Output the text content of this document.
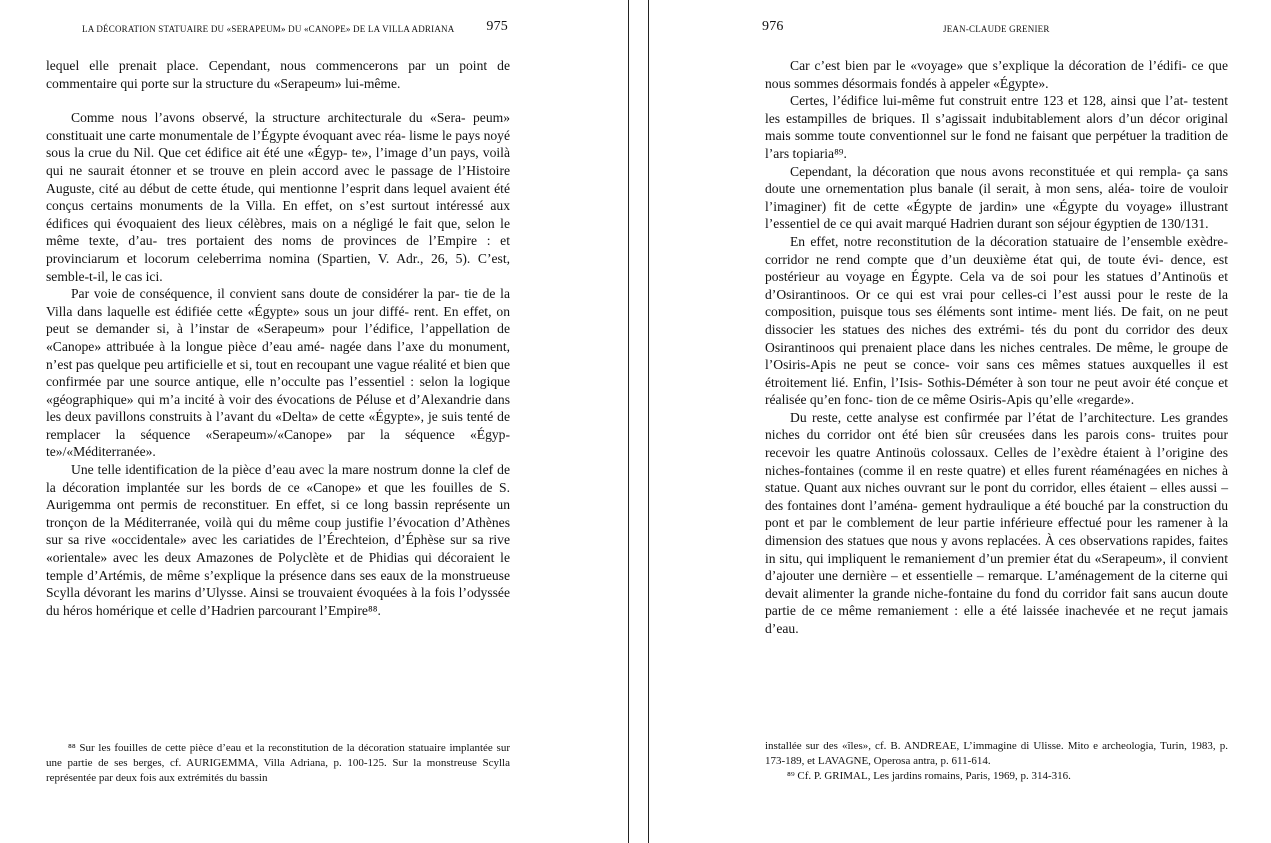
LA DÉCORATION STATUAIRE DU «SERAPEUM» DU «CANOPE» DE LA VILLA ADRIANA 975

lequel elle prenait place. Cependant, nous commencerons par un point de commentaire qui porte sur la structure du «Serapeum» lui-même.

Comme nous l’avons observé, la structure architecturale du «Sera- peum» constituait une carte monumentale de l’Égypte évoquant avec réa- lisme le pays noyé sous la crue du Nil. Que cet édifice ait été une «Égyp- te», l’image d’un pays, voilà qui ne saurait étonner et se trouve en plein accord avec le passage de l’Histoire Auguste, cité au début de cette étude, qui mentionne l’esprit dans lequel avaient été conçus certains monuments de la Villa. En effet, on s’est surtout intéressé aux édifices qui évoquaient des lieux célèbres, mais on a négligé le fait que, selon le même texte, d’au- tres portaient des noms de provinces de l’Empire : et provinciarum et locorum celeberrima nomina (Spartien, V. Adr., 26, 5). C’est, semble-t-il, le cas ici.

Par voie de conséquence, il convient sans doute de considérer la par- tie de la Villa dans laquelle est édifiée cette «Égypte» sous un jour diffé- rent. En effet, on peut se demander si, à l’instar de «Serapeum» pour l’édifice, l’appellation de «Canope» attribuée à la longue pièce d’eau amé- nagée dans l’axe du monument, n’est pas quelque peu artificielle et si, tout en recoupant une vague réalité et bien que confirmée par une source antique, elle n’occulte pas l’essentiel : selon la logique «géographique» qui m’a incité à voir des évocations de Péluse et d’Alexandrie dans les deux pavillons construits à l’avant du «Delta» de cette «Égypte», je suis tenté de remplacer la séquence «Serapeum»/«Canope» par la séquence «Égyp- te»/«Méditerranée».

Une telle identification de la pièce d’eau avec la mare nostrum donne la clef de la décoration implantée sur les bords de ce «Canope» et que les fouilles de S. Aurigemma ont permis de reconstituer. En effet, si ce long bassin représente un tronçon de la Méditerranée, voilà qui du même coup justifie l’évocation d’Athènes sur sa rive «occidentale» avec les cariatides de l’Érechteion, d’Éphèse sur sa rive «orientale» avec les deux Amazones de Polyclète et de Phidias qui décoraient le temple d’Artémis, de même s’explique la présence dans ses eaux de la monstrueuse Scylla dévorant les marins d’Ulysse. Ainsi se trouvaient évoquées à la fois l’odyssée du héros homérique et celle d’Hadrien parcourant l’Empire⁸⁸.

⁸⁸ Sur les fouilles de cette pièce d’eau et la reconstitution de la décoration statuaire implantée sur une partie de ses berges, cf. AURIGEMMA, Villa Adriana, p. 100-125. Sur la monstreuse Scylla représentée par deux fois aux extrémités du bassin

976	JEAN-CLAUDE GRENIER

Car c’est bien par le «voyage» que s’explique la décoration de l’édifi- ce que nous sommes désormais fondés à appeler «Égypte».

Certes, l’édifice lui-même fut construit entre 123 et 128, ainsi que l’at- testent les estampilles de briques. Il s’agissait indubitablement alors d’un décor original mais somme toute conventionnel sur le fond ne faisant que perpétuer la tradition de l’ars topiaria⁸⁹.

Cependant, la décoration que nous avons reconstituée et qui rempla- ça sans doute une ornementation plus banale (il serait, à mon sens, aléa- toire de vouloir l’imaginer) fit de cette «Égypte de jardin» une «Égypte du voyage» illustrant l’essentiel de ce qui avait marqué Hadrien durant son séjour égyptien de 130/131.

En effet, notre reconstitution de la décoration statuaire de l’ensemble exèdre-corridor ne rend compte que d’un deuxième état qui, de toute évi- dence, est postérieur au voyage en Égypte. Cela va de soi pour les statues d’Antinoüs et d’Osirantinoos. Or ce qui est vrai pour celles-ci l’est aussi pour le reste de la composition, puisque tous ses éléments sont intime- ment liés. De fait, on ne peut dissocier les statues des niches des extrémi- tés du pont du corridor des deux Osirantinoos qui prenaient place dans les niches centrales. De même, le groupe de l’Osiris-Apis ne peut se conce- voir sans ces mêmes statues auxquelles il est étroitement lié. Enfin, l’Isis- Sothis-Déméter à son tour ne peut avoir été conçue et réalisée qu’en fonc- tion de ce même Osiris-Apis qu’elle «regarde».

Du reste, cette analyse est confirmée par l’état de l’architecture. Les grandes niches du corridor ont été bien sûr creusées dans les parois cons- truites pour recevoir les quatre Antinoüs colossaux. Celles de l’exèdre étaient à l’origine des niches-fontaines (comme il en reste quatre) et elles furent réaménagées en niches à statue. Quant aux niches ouvrant sur le pont du corridor, elles étaient – elles aussi – des fontaines dont l’aména- gement hydraulique a été bouché par la construction du pont et par le comblement de leur partie inférieure effectué pour les ramener à la dimension des statues que nous y avons replacées. À ces observations rapides, faites in situ, qui impliquent le remaniement d’un premier état du «Serapeum», il convient d’ajouter une dernière – et essentielle – remarque. L’aménagement de la citerne qui devait alimenter la grande niche-fontaine du fond du corridor fait sans aucun doute partie de ce même remaniement : elle a été laissée inachevée et ne reçut jamais d’eau.

installée sur des «îles», cf. B. ANDREAE, L’immagine di Ulisse. Mito e archeologia, Turin, 1983, p. 173-189, et LAVAGNE, Operosa antra, p. 611-614.

⁸⁹ Cf. P. GRIMAL, Les jardins romains, Paris, 1969, p. 314-316.
